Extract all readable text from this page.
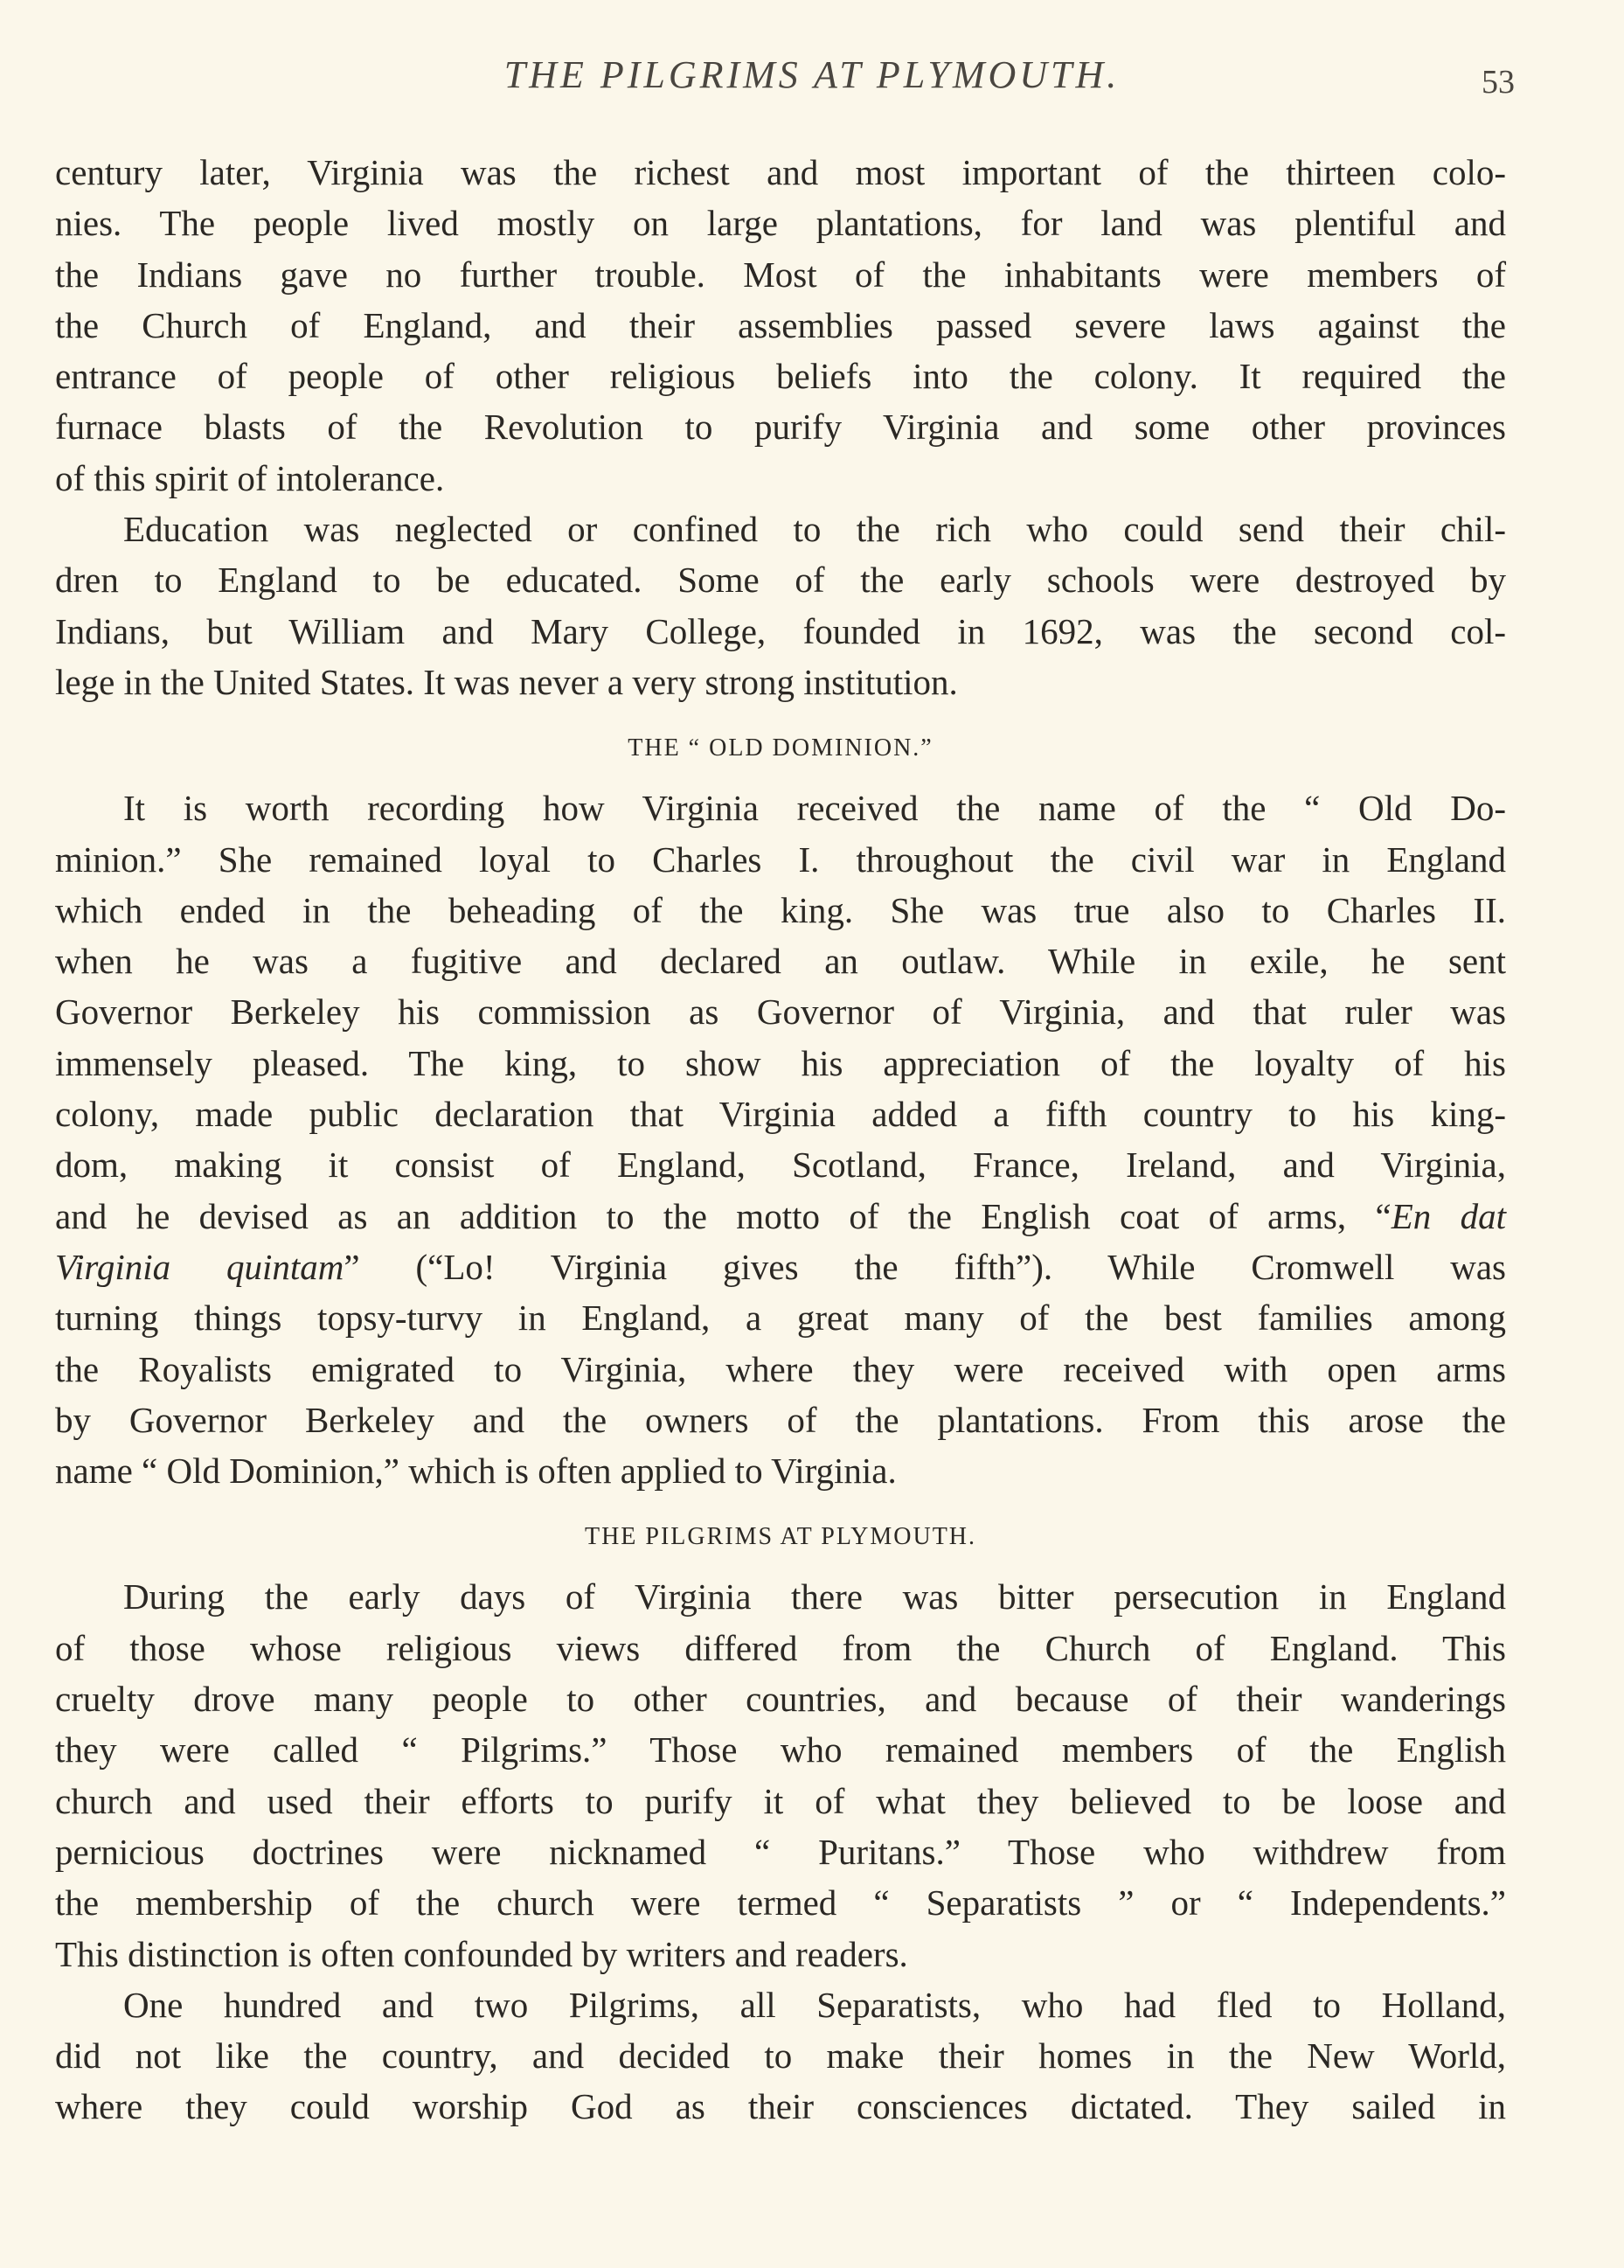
THE PILGRIMS AT PLYMOUTH.	53
century later, Virginia was the richest and most important of the thirteen colo-
nies. The people lived mostly on large plantations, for land was plentiful and
the Indians gave no further trouble. Most of the inhabitants were members of
the Church of England, and their assemblies passed severe laws against the
entrance of people of other religious beliefs into the colony. It required the
furnace blasts of the Revolution to purify Virginia and some other provinces
of this spirit of intolerance.
Education was neglected or confined to the rich who could send their chil-
dren to England to be educated. Some of the early schools were destroyed by
Indians, but William and Mary College, founded in 1692, was the second col-
lege in the United States. It was never a very strong institution.
THE “ OLD DOMINION.”
It is worth recording how Virginia received the name of the “ Old Do-
minion.” She remained loyal to Charles I. throughout the civil war in England
which ended in the beheading of the king. She was true also to Charles II.
when he was a fugitive and declared an outlaw. While in exile, he sent
Governor Berkeley his commission as Governor of Virginia, and that ruler was
immensely pleased. The king, to show his appreciation of the loyalty of his
colony, made public declaration that Virginia added a fifth country to his king-
dom, making it consist of England, Scotland, France, Ireland, and Virginia,
and he devised as an addition to the motto of the English coat of arms, “En dat
Virginia quintam” (“Lo! Virginia gives the fifth”). While Cromwell was
turning things topsy-turvy in England, a great many of the best families among
the Royalists emigrated to Virginia, where they were received with open arms
by Governor Berkeley and the owners of the plantations. From this arose the
name “ Old Dominion,” which is often applied to Virginia.
THE PILGRIMS AT PLYMOUTH.
During the early days of Virginia there was bitter persecution in England
of those whose religious views differed from the Church of England. This
cruelty drove many people to other countries, and because of their wanderings
they were called “ Pilgrims.” Those who remained members of the English
church and used their efforts to purify it of what they believed to be loose and
pernicious doctrines were nicknamed “ Puritans.” Those who withdrew from
the membership of the church were termed “ Separatists ” or “ Independents.”
This distinction is often confounded by writers and readers.
One hundred and two Pilgrims, all Separatists, who had fled to Holland,
did not like the country, and decided to make their homes in the New World,
where they could worship God as their consciences dictated. They sailed in
